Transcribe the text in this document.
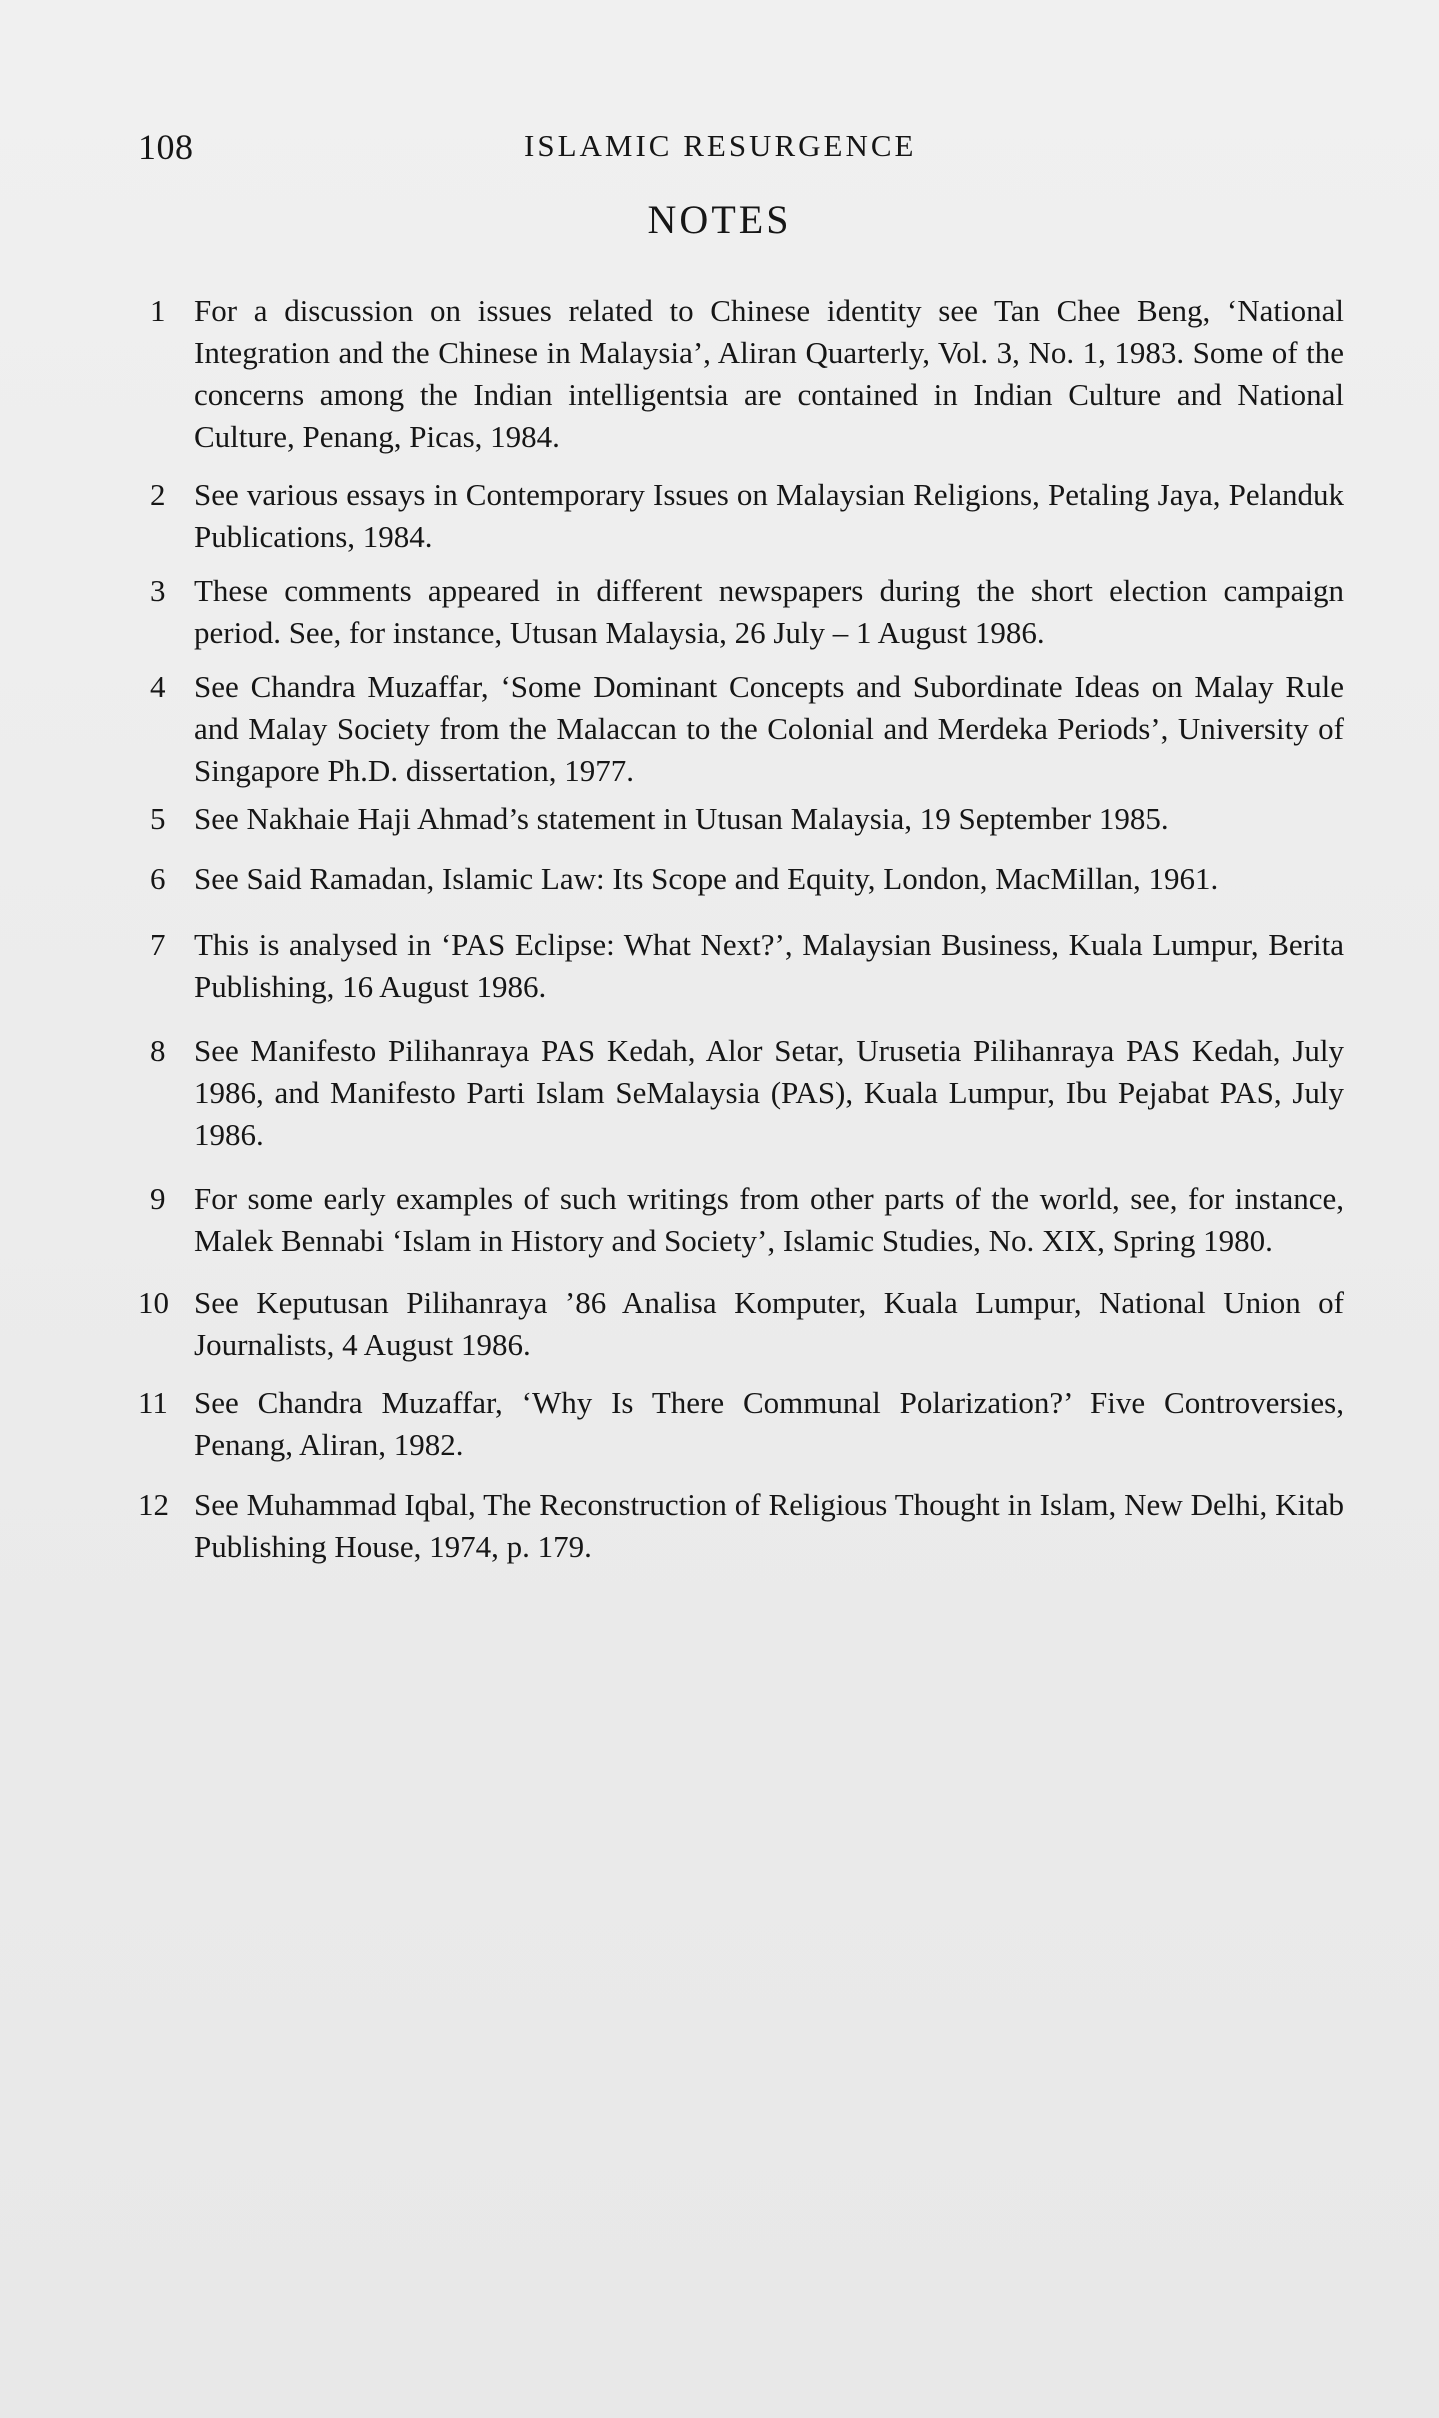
108	ISLAMIC RESURGENCE
NOTES
1 For a discussion on issues related to Chinese identity see Tan Chee Beng, ‘National Integration and the Chinese in Malaysia’, Aliran Quarterly, Vol. 3, No. 1, 1983. Some of the concerns among the Indian intelligentsia are contained in Indian Culture and National Culture, Penang, Picas, 1984.
2 See various essays in Contemporary Issues on Malaysian Religions, Petaling Jaya, Pelanduk Publications, 1984.
3 These comments appeared in different newspapers during the short election campaign period. See, for instance, Utusan Malaysia, 26 July – 1 August 1986.
4 See Chandra Muzaffar, ‘Some Dominant Concepts and Subordinate Ideas on Malay Rule and Malay Society from the Malaccan to the Colonial and Merdeka Periods’, University of Singapore Ph.D. dissertation, 1977.
5 See Nakhaie Haji Ahmad’s statement in Utusan Malaysia, 19 September 1985.
6 See Said Ramadan, Islamic Law: Its Scope and Equity, London, MacMillan, 1961.
7 This is analysed in ‘PAS Eclipse: What Next?’, Malaysian Business, Kuala Lumpur, Berita Publishing, 16 August 1986.
8 See Manifesto Pilihanraya PAS Kedah, Alor Setar, Urusetia Pilihanraya PAS Kedah, July 1986, and Manifesto Parti Islam SeMalaysia (PAS), Kuala Lumpur, Ibu Pejabat PAS, July 1986.
9 For some early examples of such writings from other parts of the world, see, for instance, Malek Bennabi ‘Islam in History and Society’, Islamic Studies, No. XIX, Spring 1980.
10 See Keputusan Pilihanraya ’86 Analisa Komputer, Kuala Lumpur, National Union of Journalists, 4 August 1986.
11 See Chandra Muzaffar, ‘Why Is There Communal Polarization?’ Five Controversies, Penang, Aliran, 1982.
12 See Muhammad Iqbal, The Reconstruction of Religious Thought in Islam, New Delhi, Kitab Publishing House, 1974, p. 179.
